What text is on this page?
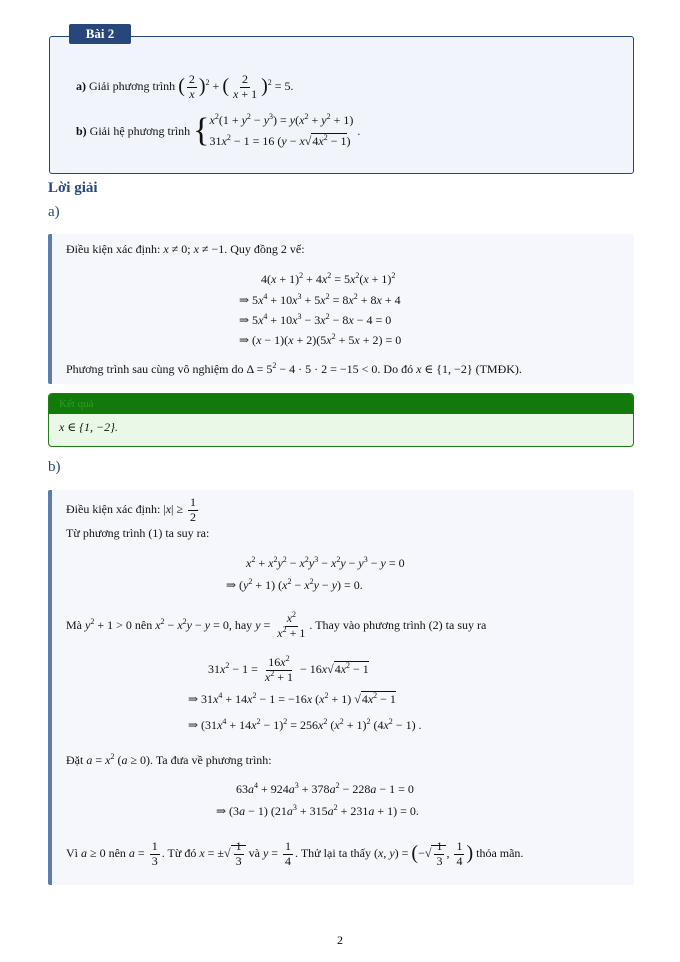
Bài 2
a) Giải phương trình ( $\frac{2}{x} )^2$ + ( $\frac{2}{x + 1} )^2 = 5$.
b)
Giải hệ phương trình
{ $x^2(1 + y^2 - y^3) = y(x^2 + y^2 + 1)$
$31x^2 - 1 = 16$ $(y - x√4x^2 - 1)$
.
Lời giải
a)
Điều kiện xác định: x ≠ 0; x ≠ −1. Quy đồng 2 vế:
$4(x + 1)^2 + 4x^2 = 5x^2(x + 1)^2$
⇒ $5x^4 + 10x^3 + 5x^2 = 8x^2 + 8x + 4$
⇒ $5x^4 + 10x^3 - 3x^2 - 8x - 4 = 0$
⇒ $(x - 1)(x + 2)(5x^2 + 5x + 2) = 0$
Phương trình sau cùng vô nghiệm do $\Delta = 5^2 - 4 \cdot 5 \cdot 2 = -15 < 0$. Do đó x ∈ {1, −2} (TMĐK).
Kết quả
x ∈ {1, −2}.
b)
Điều kiện xác định: $|x| \ge \frac{1}{2}$
Từ phương trình (1) ta suy ra:
$x^2 + x^2y^2 - x^2y^3 - x^2y - y^3 - y = 0$
⇒ $(y^2 + 1) (x^2 - x^2y - y) = 0$.
Mà $y^2 + 1 > 0$ nên $x^2 - x^2y - y = 0$, hay $y = \frac{x^2}{x^2 + 1}$ . Thay vào phương trình (2) ta suy ra
$31x^2 - 1 = \frac{16x^2}{x^2 + 1} - 16x√4x^2 - 1$
⇒ $31x^4 + 14x^2 - 1 = -16x$ $(x^2 + 1) √4x^2 - 1$
⇒ $(31x^4 + 14x^2 - 1)^2 = 256x^2$ $(x^2 + 1)^2$ $(4x^2 - 1)$ .
Đặt $a = x^2$ (a ≥ 0). Ta đưa về phương trình:
$63a^4 + 924a^3 + 378a^2 - 228a - 1 = 0$
⇒ (3a − 1) $(21a^3 + 315a^2 + 231a + 1) = 0$.
Vì a ≥ 0 nên $a = \frac{1}{3}$ . Từ đó x = ±√ $\frac{1}{3}$ và $y = \frac{1}{4}$ . Thử lại ta thấy (x, y) = (−√ $\frac{1}{3}$ , $\frac{1}{4}$ ) thỏa mãn.
2
